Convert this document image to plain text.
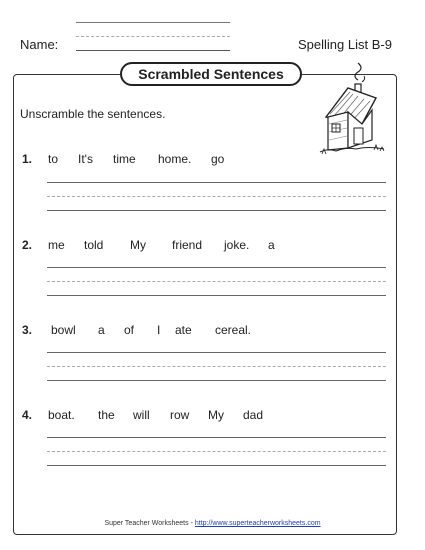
Name:	Spelling List B-9
Scrambled Sentences
Unscramble the sentences.
1. to It's time home. go
2. me told My friend joke. a
3. bowl a of I ate cereal.
4. boat. the will row My dad
Super Teacher Worksheets - http://www.superteacherworksheets.com
